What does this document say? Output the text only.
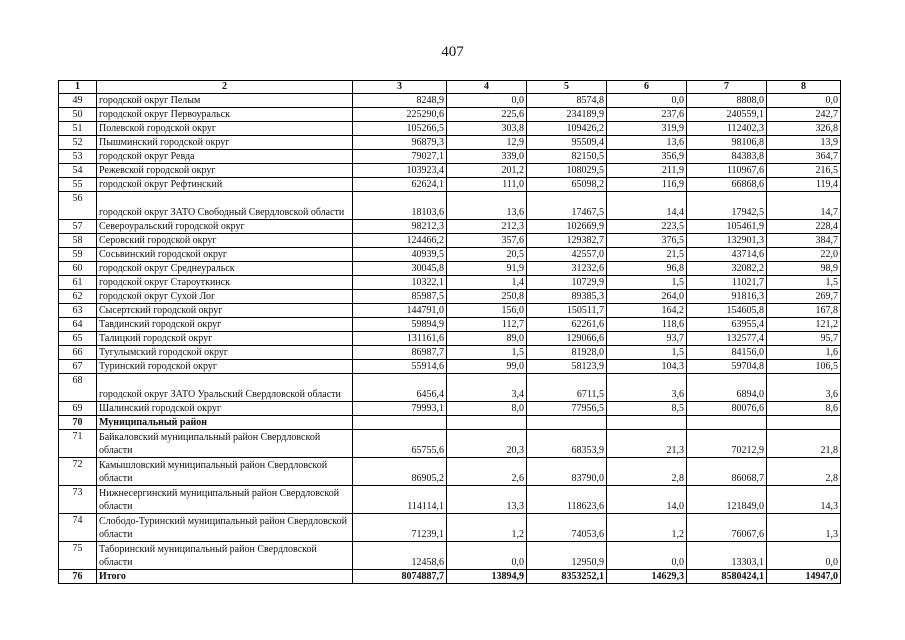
407
1	2	3	4	5	6	7	8
49	городской округ Пелым	8248,9	0,0	8574,8	0,0	8808,0	0,0
50	городской округ Первоуральск	225290,6	225,6	234189,9	237,6	240559,1	242,7
51	Полевской городской округ	105266,5	303,8	109426,2	319,9	112402,3	326,8
52	Пышминский городской округ	96879,3	12,9	95509,4	13,6	98106,8	13,9
53	городской округ Ревда	79027,1	339,0	82150,5	356,9	84383,8	364,7
54	Режевской городской округ	103923,4	201,2	108029,5	211,9	110967,6	216,5
55	городской округ Рефтинский	62624,1	111,0	65098,2	116,9	66868,6	119,4
56	городской округ ЗАТО Свободный Свердловской области	18103,6	13,6	17467,5	14,4	17942,5	14,7
57	Североуральский городской округ	98212,3	212,3	102669,9	223,5	105461,9	228,4
58	Серовский городской округ	124466,2	357,6	129382,7	376,5	132901,3	384,7
59	Сосьвинский городской округ	40939,5	20,5	42557,0	21,5	43714,6	22,0
60	городской округ Среднеуральск	30045,8	91,9	31232,6	96,8	32082,2	98,9
61	городской округ Староуткинск	10322,1	1,4	10729,9	1,5	11021,7	1,5
62	городской округ Сухой Лог	85987,5	250,8	89385,3	264,0	91816,3	269,7
63	Сысертский городской округ	144791,0	156,0	150511,7	164,2	154605,8	167,8
64	Тавдинский городской округ	59894,9	112,7	62261,6	118,6	63955,4	121,2
65	Талицкий городской округ	131161,6	89,0	129066,6	93,7	132577,4	95,7
66	Тугулымский городской округ	86987,7	1,5	81928,0	1,5	84156,0	1,6
67	Туринский городской округ	55914,6	99,0	58123,9	104,3	59704,8	106,5
68	городской округ ЗАТО Уральский Свердловской области	6456,4	3,4	6711,5	3,6	6894,0	3,6
69	Шалинский городской округ	79993,1	8,0	77956,5	8,5	80076,6	8,6
70	Муниципальный район						
71	Байкаловский муниципальный район Свердловской области	65755,6	20,3	68353,9	21,3	70212,9	21,8
72	Камышловский муниципальный район Свердловской области	86905,2	2,6	83790,0	2,8	86068,7	2,8
73	Нижнесергинский муниципальный район Свердловской области	114114,1	13,3	118623,6	14,0	121849,0	14,3
74	Слободо-Туринский муниципальный район Свердловской области	71239,1	1,2	74053,6	1,2	76067,6	1,3
75	Таборинский муниципальный район Свердловской области	12458,6	0,0	12950,9	0,0	13303,1	0,0
76	Итого	8074887,7	13894,9	8353252,1	14629,3	8580424,1	14947,0
